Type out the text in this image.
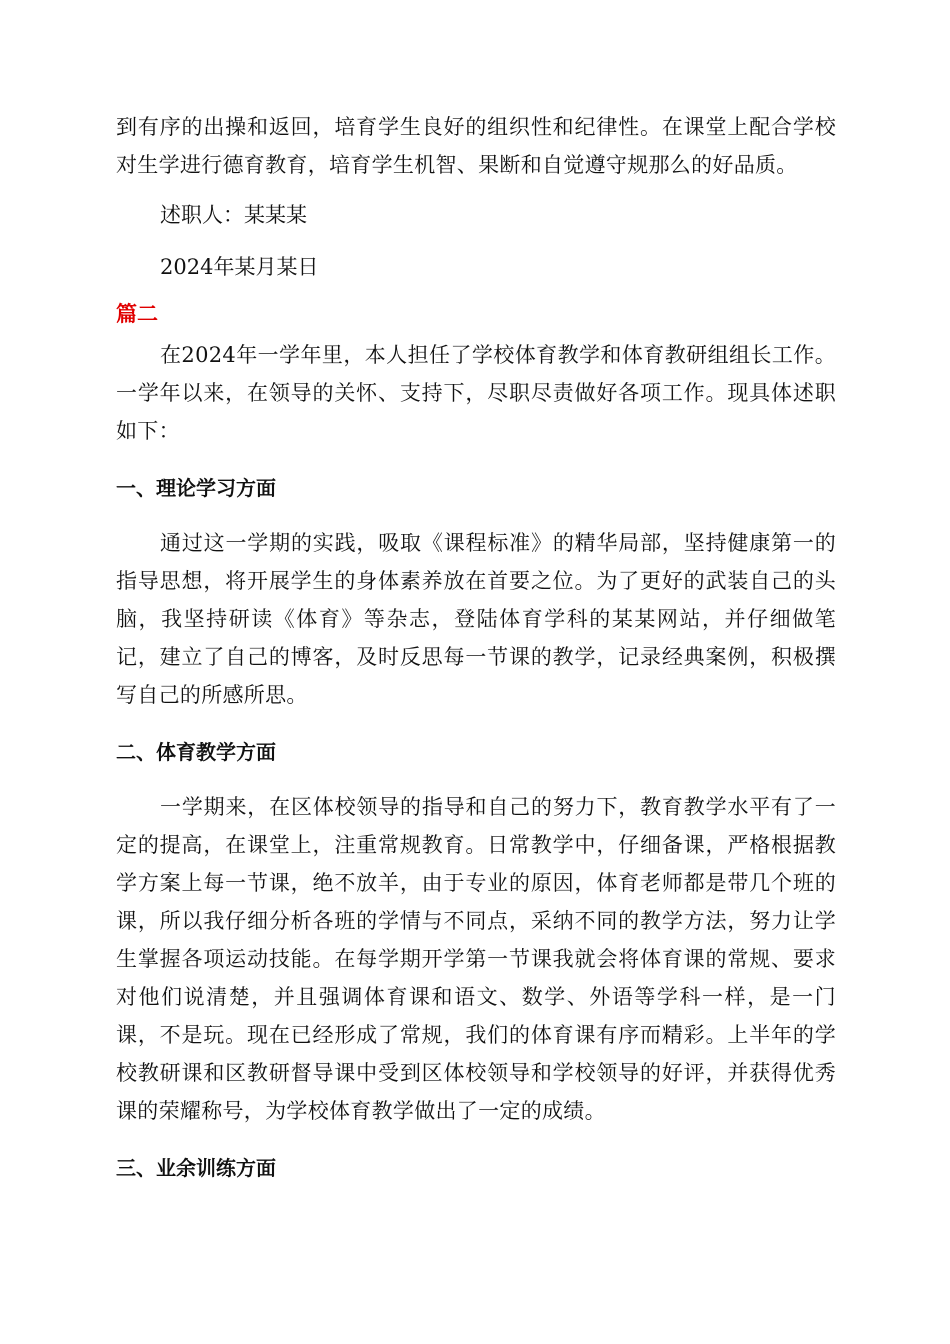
到有序的出操和返回，培育学生良好的组织性和纪律性。在课堂上配合学校对生学进行德育教育，培育学生机智、果断和自觉遵守规那么的好品质。

述职人：某某某

2024年某月某日

篇二

在2024年一学年里，本人担任了学校体育教学和体育教研组组长工作。一学年以来，在领导的关怀、支持下，尽职尽责做好各项工作。现具体述职如下：

一、理论学习方面

通过这一学期的实践，吸取《课程标准》的精华局部，坚持健康第一的指导思想，将开展学生的身体素养放在首要之位。为了更好的武装自己的头脑，我坚持研读《体育》等杂志，登陆体育学科的某某网站，并仔细做笔记，建立了自己的博客，及时反思每一节课的教学，记录经典案例，积极撰写自己的所感所思。

二、体育教学方面

一学期来，在区体校领导的指导和自己的努力下，教育教学水平有了一定的提高，在课堂上，注重常规教育。日常教学中，仔细备课，严格根据教学方案上每一节课，绝不放羊，由于专业的原因，体育老师都是带几个班的课，所以我仔细分析各班的学情与不同点，采纳不同的教学方法，努力让学生掌握各项运动技能。在每学期开学第一节课我就会将体育课的常规、要求对他们说清楚，并且强调体育课和语文、数学、外语等学科一样，是一门课，不是玩。现在已经形成了常规，我们的体育课有序而精彩。上半年的学校教研课和区教研督导课中受到区体校领导和学校领导的好评，并获得优秀课的荣耀称号，为学校体育教学做出了一定的成绩。

三、业余训练方面
